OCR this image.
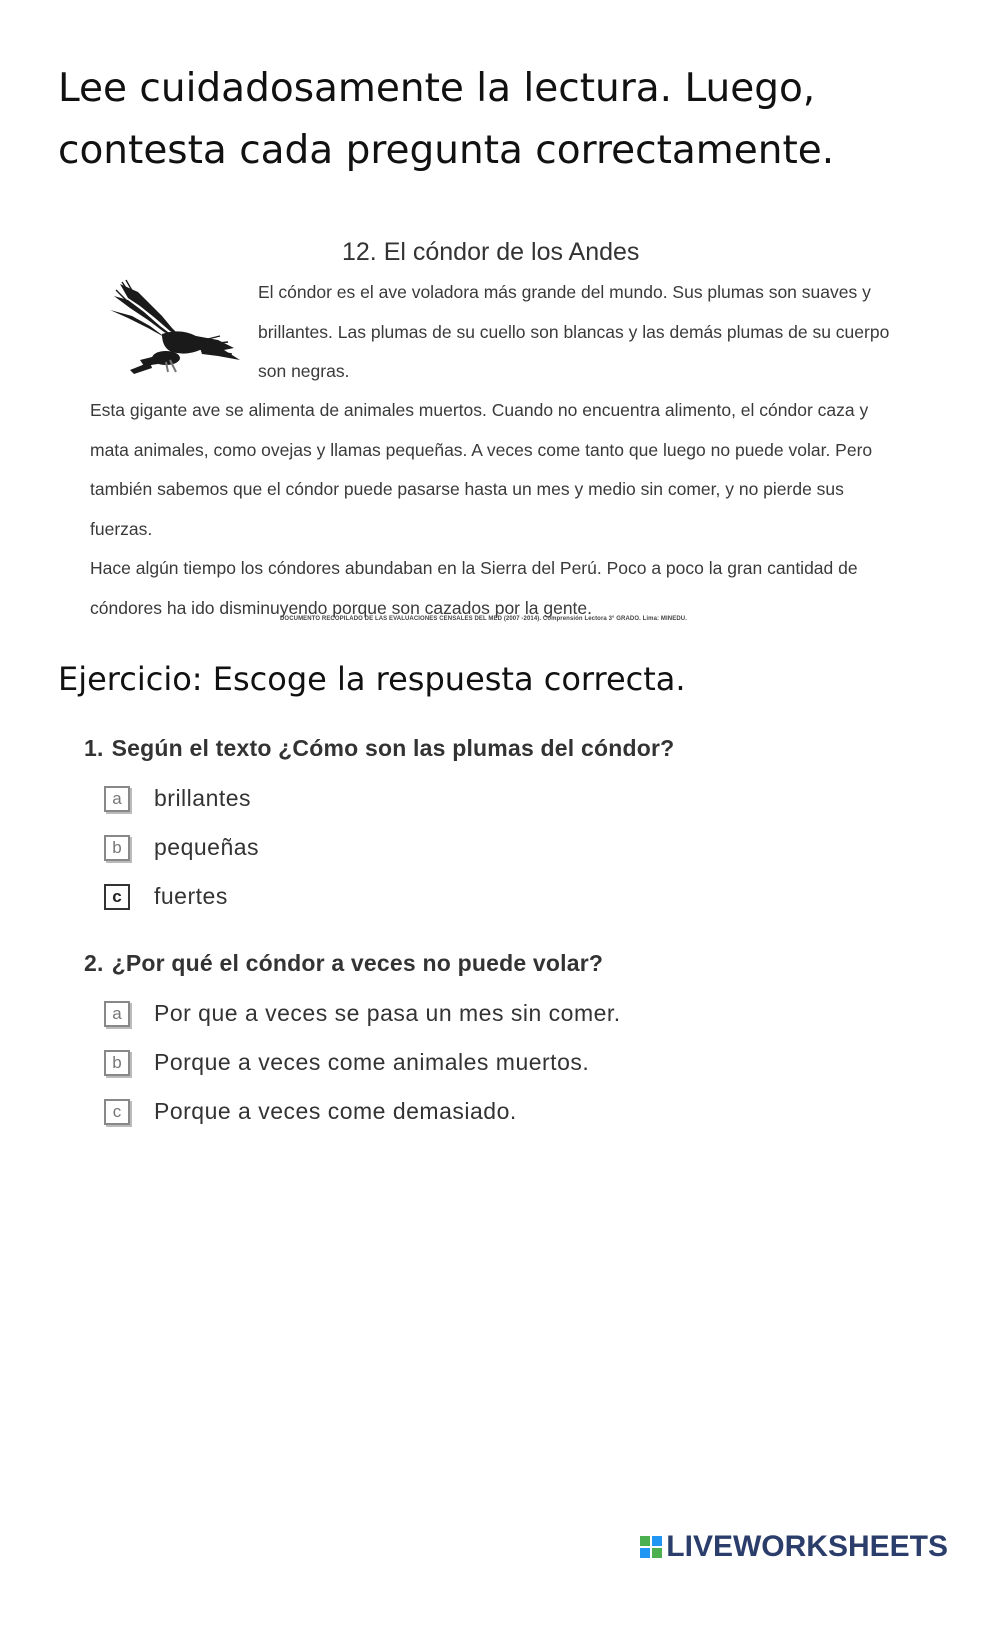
Lee cuidadosamente la lectura. Luego, contesta cada pregunta correctamente.

12. El cóndor de los Andes

El cóndor es el ave voladora más grande del mundo. Sus plumas son suaves y brillantes. Las plumas de su cuello son blancas y las demás plumas de su cuerpo son negras.

Esta gigante ave se alimenta de animales muertos. Cuando no encuentra alimento, el cóndor caza y mata animales, como ovejas y llamas pequeñas. A veces come tanto que luego no puede volar. Pero también sabemos que el cóndor puede pasarse hasta un mes y medio sin comer, y no pierde sus fuerzas.

Hace algún tiempo los cóndores abundaban en la Sierra del Perú. Poco a poco la gran cantidad de cóndores ha ido disminuyendo porque son cazados por la gente.

DOCUMENTO RECOPILADO DE LAS EVALUACIONES CENSALES DEL MED (2007 -2014). Comprensión Lectora 3° GRADO. Lima: MINEDU.
Ejercicio: Escoge la respuesta correcta.

1. Según el texto ¿Cómo son las plumas del cóndor?

a	brillantes
b	pequeñas
c	fuertes

2. ¿Por qué el cóndor a veces no puede volar?

a	Por que a veces se pasa un mes sin comer.
b	Porque a veces come animales muertos.
c	Porque a veces come demasiado.
LIVEWORKSHEETS
